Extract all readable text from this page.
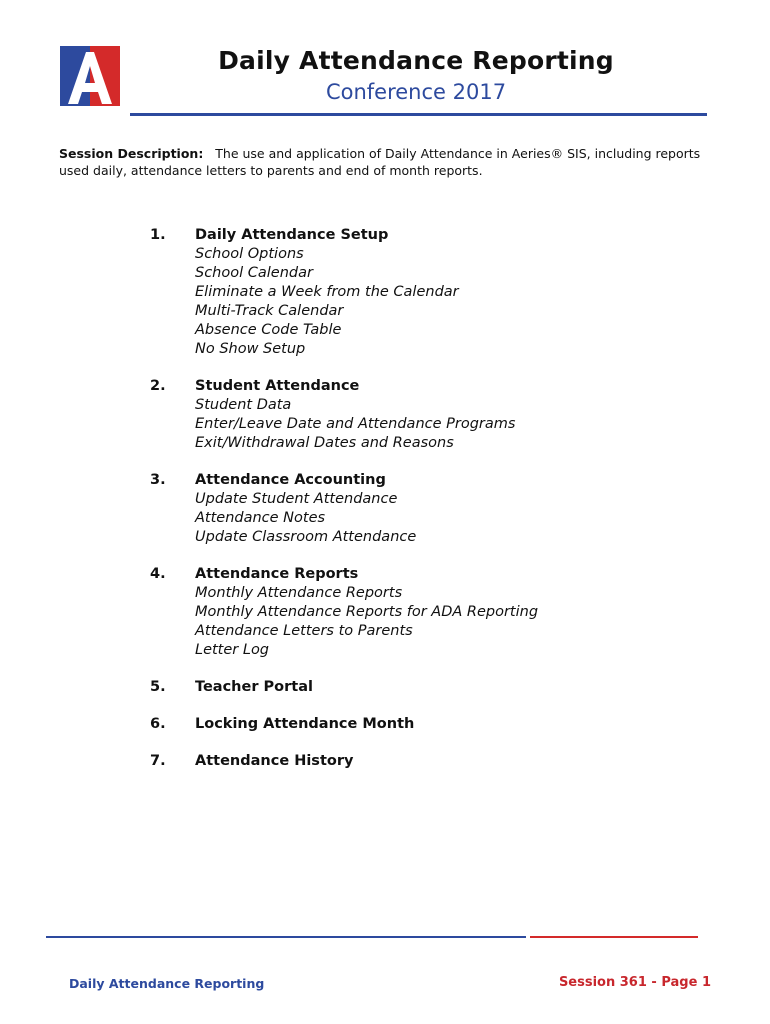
Daily Attendance Reporting
Conference 2017
Session Description: The use and application of Daily Attendance in Aeries® SIS, including reports used daily, attendance letters to parents and end of month reports.
1. Daily Attendance Setup
School Options
School Calendar
Eliminate a Week from the Calendar
Multi-Track Calendar
Absence Code Table
No Show Setup
2. Student Attendance
Student Data
Enter/Leave Date and Attendance Programs
Exit/Withdrawal Dates and Reasons
3. Attendance Accounting
Update Student Attendance
Attendance Notes
Update Classroom Attendance
4. Attendance Reports
Monthly Attendance Reports
Monthly Attendance Reports for ADA Reporting
Attendance Letters to Parents
Letter Log
5. Teacher Portal
6. Locking Attendance Month
7. Attendance History
Daily Attendance Reporting	Session 361 - Page 1
